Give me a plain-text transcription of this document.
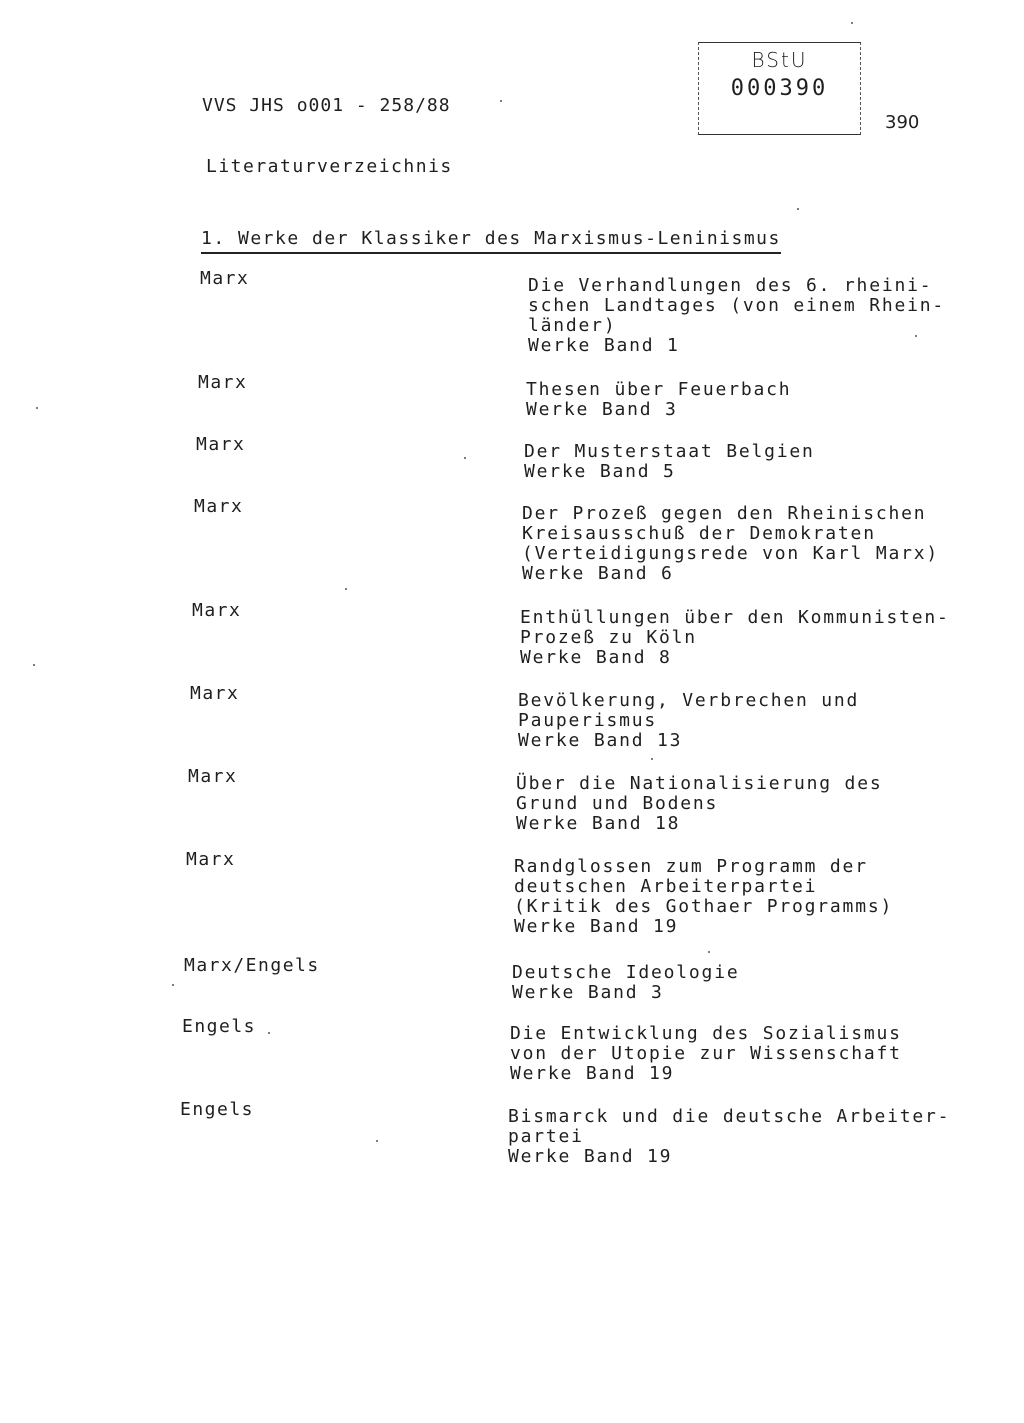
VVS JHS o001 - 258/88
BStU
000390
390
Literaturverzeichnis
1. Werke der Klassiker des Marxismus-Leninismus
Marx	Die Verhandlungen des 6. rheini-
schen Landtages (von einem Rhein-
länder)
Werke Band 1
Marx	Thesen über Feuerbach
Werke Band 3
Marx	Der Musterstaat Belgien
Werke Band 5
Marx	Der Prozeß gegen den Rheinischen
Kreisausschuß der Demokraten
(Verteidigungsrede von Karl Marx)
Werke Band 6
Marx	Enthüllungen über den Kommunisten-
Prozeß zu Köln
Werke Band 8
Marx	Bevölkerung, Verbrechen und
Pauperismus
Werke Band 13
Marx	Über die Nationalisierung des
Grund und Bodens
Werke Band 18
Marx	Randglossen zum Programm der
deutschen Arbeiterpartei
(Kritik des Gothaer Programms)
Werke Band 19
Marx/Engels	Deutsche Ideologie
Werke Band 3
Engels	Die Entwicklung des Sozialismus
von der Utopie zur Wissenschaft
Werke Band 19
Engels	Bismarck und die deutsche Arbeiter-
partei
Werke Band 19
